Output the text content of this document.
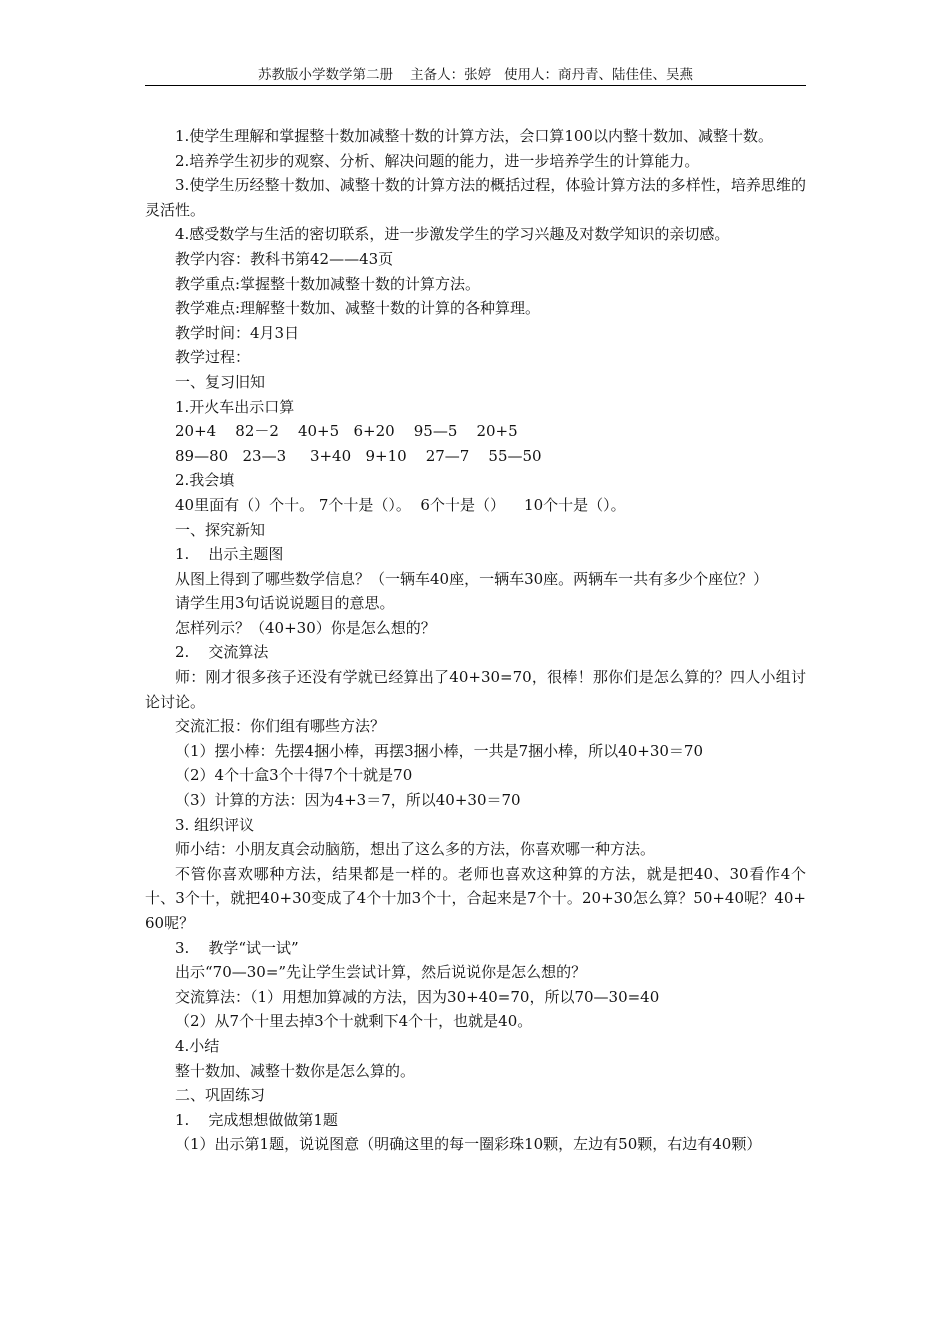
苏教版小学数学第二册 主备人：张婷 使用人：商丹青、陆佳佳、吴燕

1.使学生理解和掌握整十数加减整十数的计算方法，会口算100以内整十数加、减整十数。

2.培养学生初步的观察、分析、解决问题的能力，进一步培养学生的计算能力。

3.使学生历经整十数加、减整十数的计算方法的概括过程，体验计算方法的多样性，培养思维的灵活性。

4.感受数学与生活的密切联系，进一步激发学生的学习兴趣及对数学知识的亲切感。

教学内容：教科书第42——43页

教学重点:掌握整十数加减整十数的计算方法。

教学难点:理解整十数加、减整十数的计算的各种算理。

教学时间：4月3日

教学过程：

一、复习旧知

1.开火车出示口算

20+4    82－2    40+5   6+20    95—5    20+5

89—80   23—3     3+40   9+10    27—7    55—50

2.我会填

40里面有（）个十。 7个十是（）。  6个十是（）    10个十是（）。

一、探究新知

1.    出示主题图

从图上得到了哪些数学信息？（一辆车40座，一辆车30座。两辆车一共有多少个座位？）

请学生用3句话说说题目的意思。

怎样列示？（40+30）你是怎么想的？

2.    交流算法

师：刚才很多孩子还没有学就已经算出了40+30=70，很棒！那你们是怎么算的？四人小组讨论讨论。

交流汇报：你们组有哪些方法？

（1）摆小棒：先摆4捆小棒，再摆3捆小棒，一共是7捆小棒，所以40+30＝70

（2）4个十盒3个十得7个十就是70

（3）计算的方法：因为4+3＝7，所以40+30＝70

3. 组织评议

师小结：小朋友真会动脑筋，想出了这么多的方法，你喜欢哪一种方法。

不管你喜欢哪种方法，结果都是一样的。老师也喜欢这种算的方法，就是把40、30看作4个十、3个十，就把40+30变成了4个十加3个十，合起来是7个十。20+30怎么算？50+40呢？40+60呢？

3.    教学“试一试”

出示“70—30=”先让学生尝试计算，然后说说你是怎么想的？

交流算法：（1）用想加算减的方法，因为30+40=70，所以70—30=40

（2）从7个十里去掉3个十就剩下4个十，也就是40。

4.小结

整十数加、减整十数你是怎么算的。

二、巩固练习

1.    完成想想做做第1题

（1）出示第1题，说说图意（明确这里的每一圈彩珠10颗，左边有50颗，右边有40颗）
